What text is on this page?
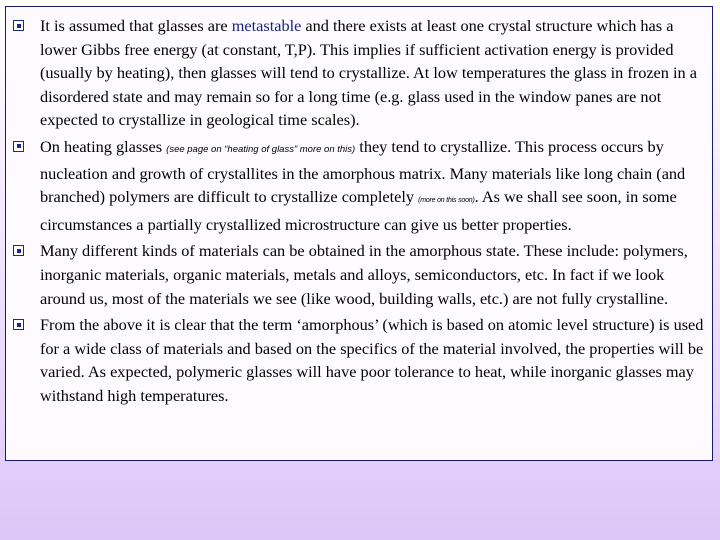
It is assumed that glasses are metastable and there exists at least one crystal structure which has a lower Gibbs free energy (at constant, T,P). This implies if sufficient activation energy is provided (usually by heating), then glasses will tend to crystallize. At low temperatures the glass in frozen in a disordered state and may remain so for a long time (e.g. glass used in the window panes are not expected to crystallize in geological time scales).
On heating glasses (see page on “heating of glass” more on this) they tend to crystallize. This process occurs by nucleation and growth of crystallites in the amorphous matrix. Many materials like long chain (and branched) polymers are difficult to crystallize completely (more on this soon). As we shall see soon, in some circumstances a partially crystallized microstructure can give us better properties.
Many different kinds of materials can be obtained in the amorphous state. These include: polymers, inorganic materials, organic materials, metals and alloys, semiconductors, etc. In fact if we look around us, most of the materials we see (like wood, building walls, etc.) are not fully crystalline.
From the above it is clear that the term ‘amorphous’ (which is based on atomic level structure) is used for a wide class of materials and based on the specifics of the material involved, the properties will be varied. As expected, polymeric glasses will have poor tolerance to heat, while inorganic glasses may withstand high temperatures.
